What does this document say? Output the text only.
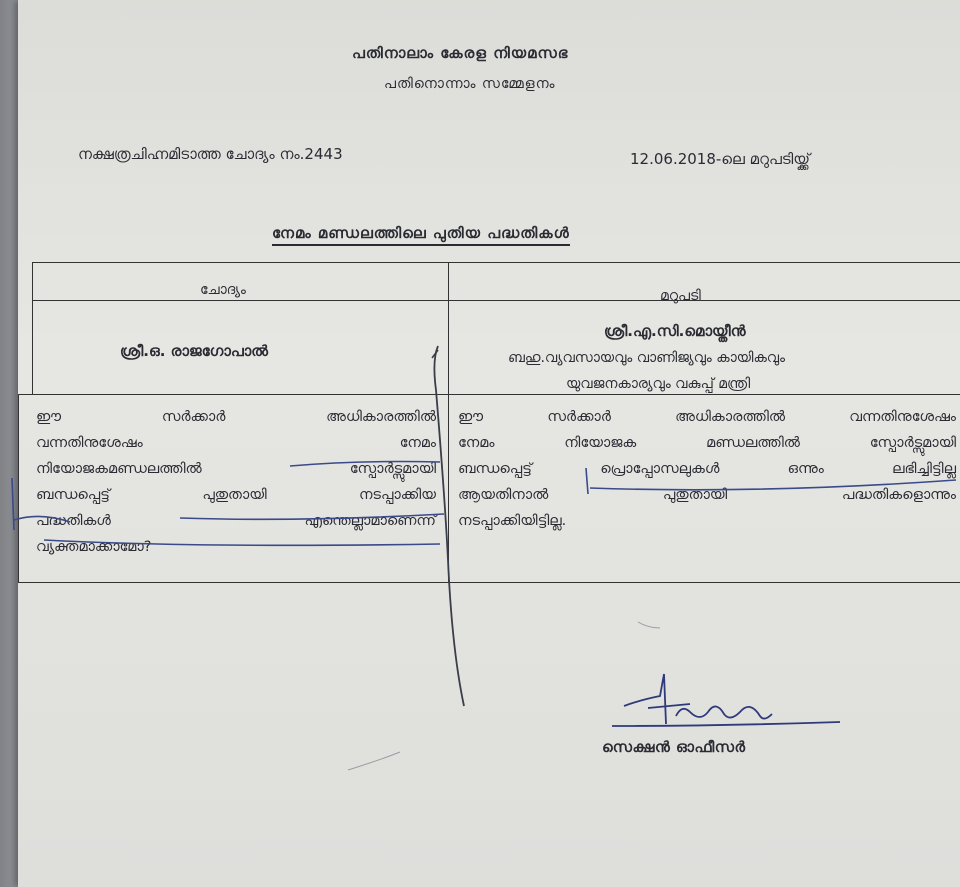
പതിനാലാം കേരള നിയമസഭ
പതിനൊന്നാം സമ്മേളനം
നക്ഷത്രചിഹ്നമിടാത്ത ചോദ്യം നം.2443	12.06.2018-ലെ മറുപടിയ്ക്ക്
നേമം മണ്ഡലത്തിലെ പുതിയ പദ്ധതികൾ
ചോദ്യം	മറുപടി
ശ്രീ.ഒ. രാജഗോപാൽ
ശ്രീ.എ.സി.മൊയ്തീൻ
ബഹു.വ്യവസായവും വാണിജ്യവും കായികവും
യുവജനകാര്യവും വകുപ്പ് മന്ത്രി
ഈ	സർക്കാർ	അധികാരത്തിൽ
വന്നതിനുശേഷം	നേമം
നിയോജകമണ്ഡലത്തിൽ	സ്പോർട്സുമായി
ബന്ധപ്പെട്ട്	പുതുതായി	നടപ്പാക്കിയ
പദ്ധതികൾ	എന്തെല്ലാമാണെന്ന്
വ്യക്തമാക്കാമോ?
ഈ	സർക്കാർ	അധികാരത്തിൽ	വന്നതിനുശേഷം
നേമം	നിയോജക	മണ്ഡലത്തിൽ	സ്പോർട്സുമായി
ബന്ധപ്പെട്ട്	പ്രൊപ്പോസലുകൾ	ഒന്നും	ലഭിച്ചിട്ടില്ല
ആയതിനാൽ	പുതുതായി	പദ്ധതികളൊന്നും
നടപ്പാക്കിയിട്ടില്ല.
സെക്ഷൻ ഓഫീസർ
